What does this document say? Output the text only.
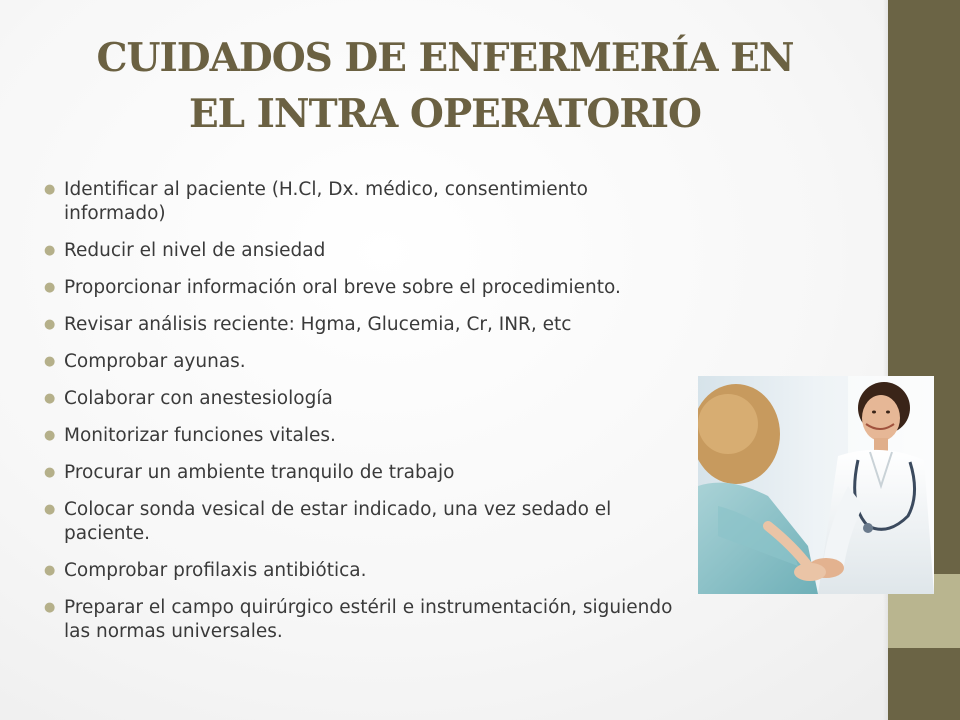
CUIDADOS DE ENFERMERÍA EN
EL INTRA OPERATORIO
● Identificar al paciente (H.Cl, Dx. médico, consentimiento informado)
● Reducir el nivel de ansiedad
● Proporcionar información oral breve sobre el procedimiento.
● Revisar análisis reciente: Hgma, Glucemia, Cr, INR, etc
● Comprobar ayunas.
● Colaborar con anestesiología
● Monitorizar funciones vitales.
● Procurar un ambiente tranquilo de trabajo
● Colocar sonda vesical de estar indicado, una vez sedado el paciente.
● Comprobar profilaxis antibiótica.
● Preparar el campo quirúrgico estéril e instrumentación, siguiendo las normas universales.
